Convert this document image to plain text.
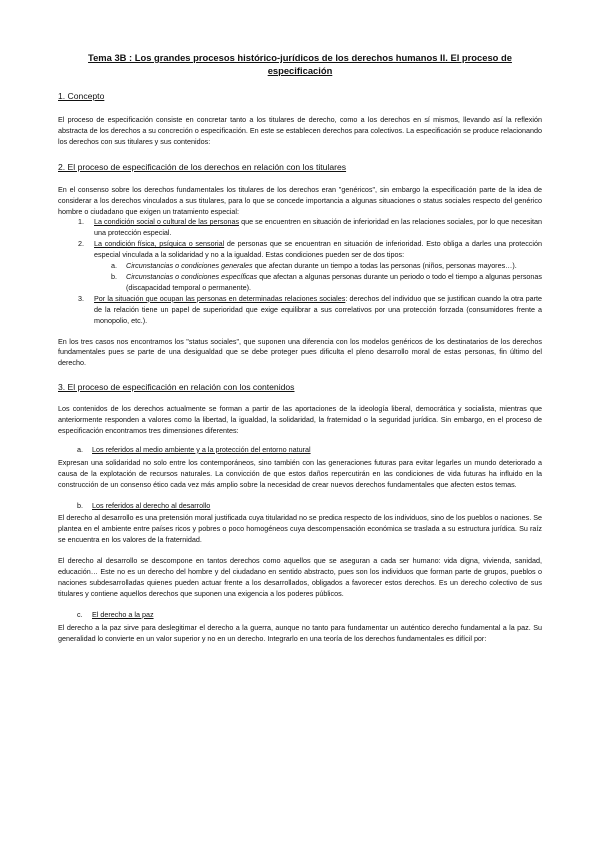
Tema 3B : Los grandes procesos histórico-jurídicos de los derechos humanos II. El proceso de especificación
1. Concepto

El proceso de especificación consiste en concretar tanto a los titulares de derecho, como a los derechos en sí mismos, llevando así la reflexión abstracta de los derechos a su concreción o especificación. En este se establecen derechos para colectivos. La especificación se produce relacionando los derechos con sus titulares y sus contenidos:

2. El proceso de especificación de los derechos en relación con los titulares

En el consenso sobre los derechos fundamentales los titulares de los derechos eran "genéricos", sin embargo la especificación parte de la idea de considerar a los derechos vinculados a sus titulares, para lo que se concede importancia a algunas situaciones o status sociales respecto del genérico hombre o ciudadano que exigen un tratamiento especial:

1. La condición social o cultural de las personas que se encuentren en situación de inferioridad en las relaciones sociales, por lo que necesitan una protección especial.
2. La condición física, psíquica o sensorial de personas que se encuentran en situación de inferioridad. Esto obliga a darles una protección especial vinculada a la solidaridad y no a la igualdad. Estas condiciones pueden ser de dos tipos:
a. Circunstancias o condiciones generales que afectan durante un tiempo a todas las personas (niños, personas mayores…).
b. Circunstancias o condiciones específicas que afectan a algunas personas durante un periodo o todo el tiempo a algunas personas (discapacidad temporal o permanente).
3. Por la situación que ocupan las personas en determinadas relaciones sociales: derechos del individuo que se justifican cuando la otra parte de la relación tiene un papel de superioridad que exige equilibrar a sus correlativos por una protección forzada (consumidores frente a monopolio, etc.).

En los tres casos nos encontramos los "status sociales", que suponen una diferencia con los modelos genéricos de los destinatarios de los derechos fundamentales pues se parte de una desigualdad que se debe proteger pues dificulta el pleno desarrollo moral de estas personas, fin último del derecho.

3. El proceso de especificación en relación con los contenidos

Los contenidos de los derechos actualmente se forman a partir de las aportaciones de la ideología liberal, democrática y socialista, mientras que anteriormente responden a valores como la libertad, la igualdad, la solidaridad, la fraternidad o la seguridad jurídica. Sin embargo, en el proceso de especificación encontramos tres dimensiones diferentes:

a. Los referidos al medio ambiente y a la protección del entorno natural

Expresan una solidaridad no solo entre los contemporáneos, sino también con las generaciones futuras para evitar legarles un mundo deteriorado a causa de la explotación de recursos naturales. La convicción de que estos daños repercutirán en las condiciones de vida futuras ha influido en la construcción de un consenso ético cada vez más amplio sobre la necesidad de crear nuevos derechos fundamentales que afecten estos temas.

b. Los referidos al derecho al desarrollo

El derecho al desarrollo es una pretensión moral justificada cuya titularidad no se predica respecto de los individuos, sino de los pueblos o naciones. Se plantea en el ambiente entre países ricos y pobres o poco homogéneos cuya descompensación económica se traslada a su estructura jurídica. Su raíz se encuentra en los valores de la fraternidad.

El derecho al desarrollo se descompone en tantos derechos como aquellos que se aseguran a cada ser humano: vida digna, vivienda, sanidad, educación… Este no es un derecho del hombre y del ciudadano en sentido abstracto, pues son los individuos que forman parte de grupos, pueblos o naciones subdesarrolladas quienes pueden actuar frente a los desarrollados, obligados a favorecer estos derechos. Es un derecho colectivo de sus titulares y contiene aquellos derechos que suponen una exigencia a los poderes públicos.

c. El derecho a la paz

El derecho a la paz sirve para deslegitimar el derecho a la guerra, aunque no tanto para fundamentar un auténtico derecho fundamental a la paz. Su generalidad lo convierte en un valor superior y no en un derecho. Integrarlo en una teoría de los derechos fundamentales es difícil por:
